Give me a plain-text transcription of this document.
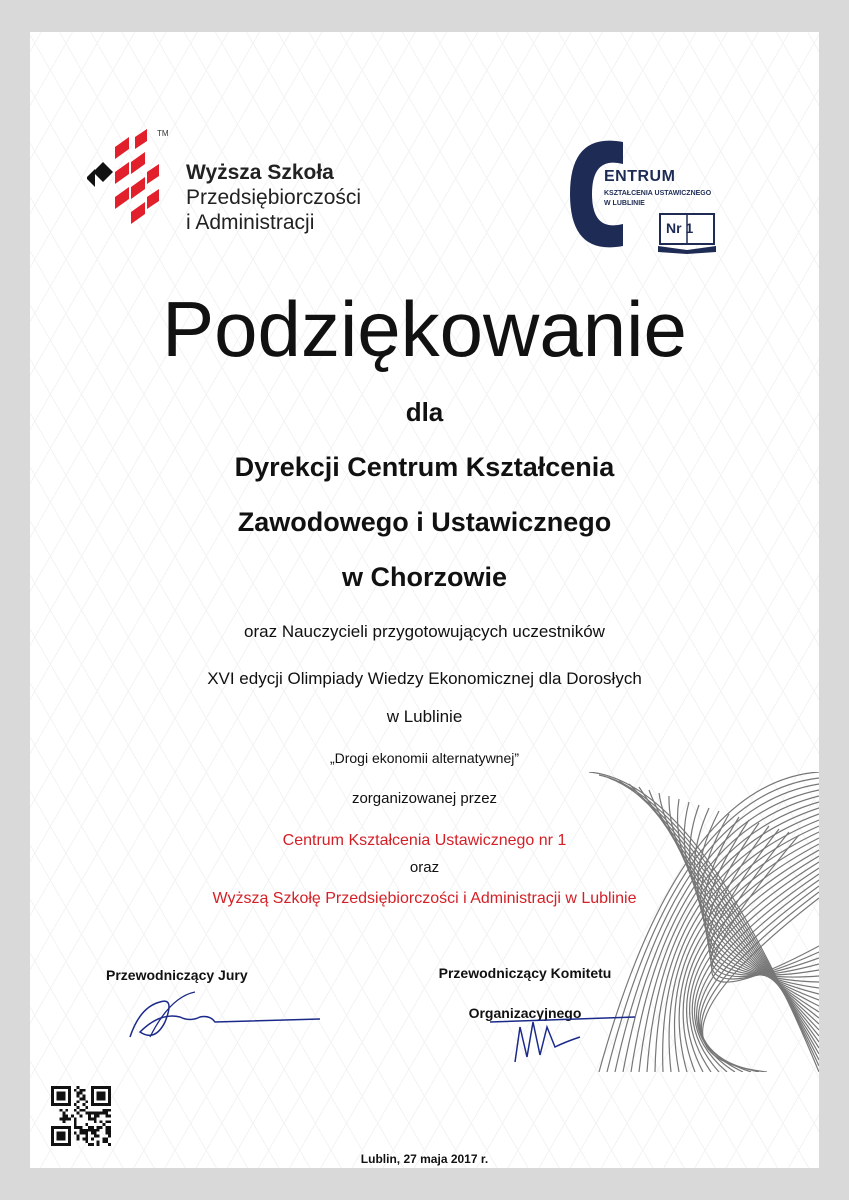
TM
Wyższa Szkoła
Przedsiębiorczości
i Administracji
ENTRUM
KSZTAŁCENIA USTAWICZNEGO
W LUBLINIE
Nr 1
Podziękowanie
dla
Dyrekcji Centrum Kształcenia
Zawodowego i Ustawicznego
w Chorzowie
oraz Nauczycieli przygotowujących uczestników
XVI edycji Olimpiady Wiedzy Ekonomicznej dla Dorosłych
w Lublinie
„Drogi ekonomii alternatywnej”
zorganizowanej przez
Centrum Kształcenia Ustawicznego nr 1
oraz
Wyższą Szkołę Przedsiębiorczości i Administracji w Lublinie
Przewodniczący Jury	Przewodniczący Komitetu
Organizacyjnego
Lublin, 27 maja 2017 r.
